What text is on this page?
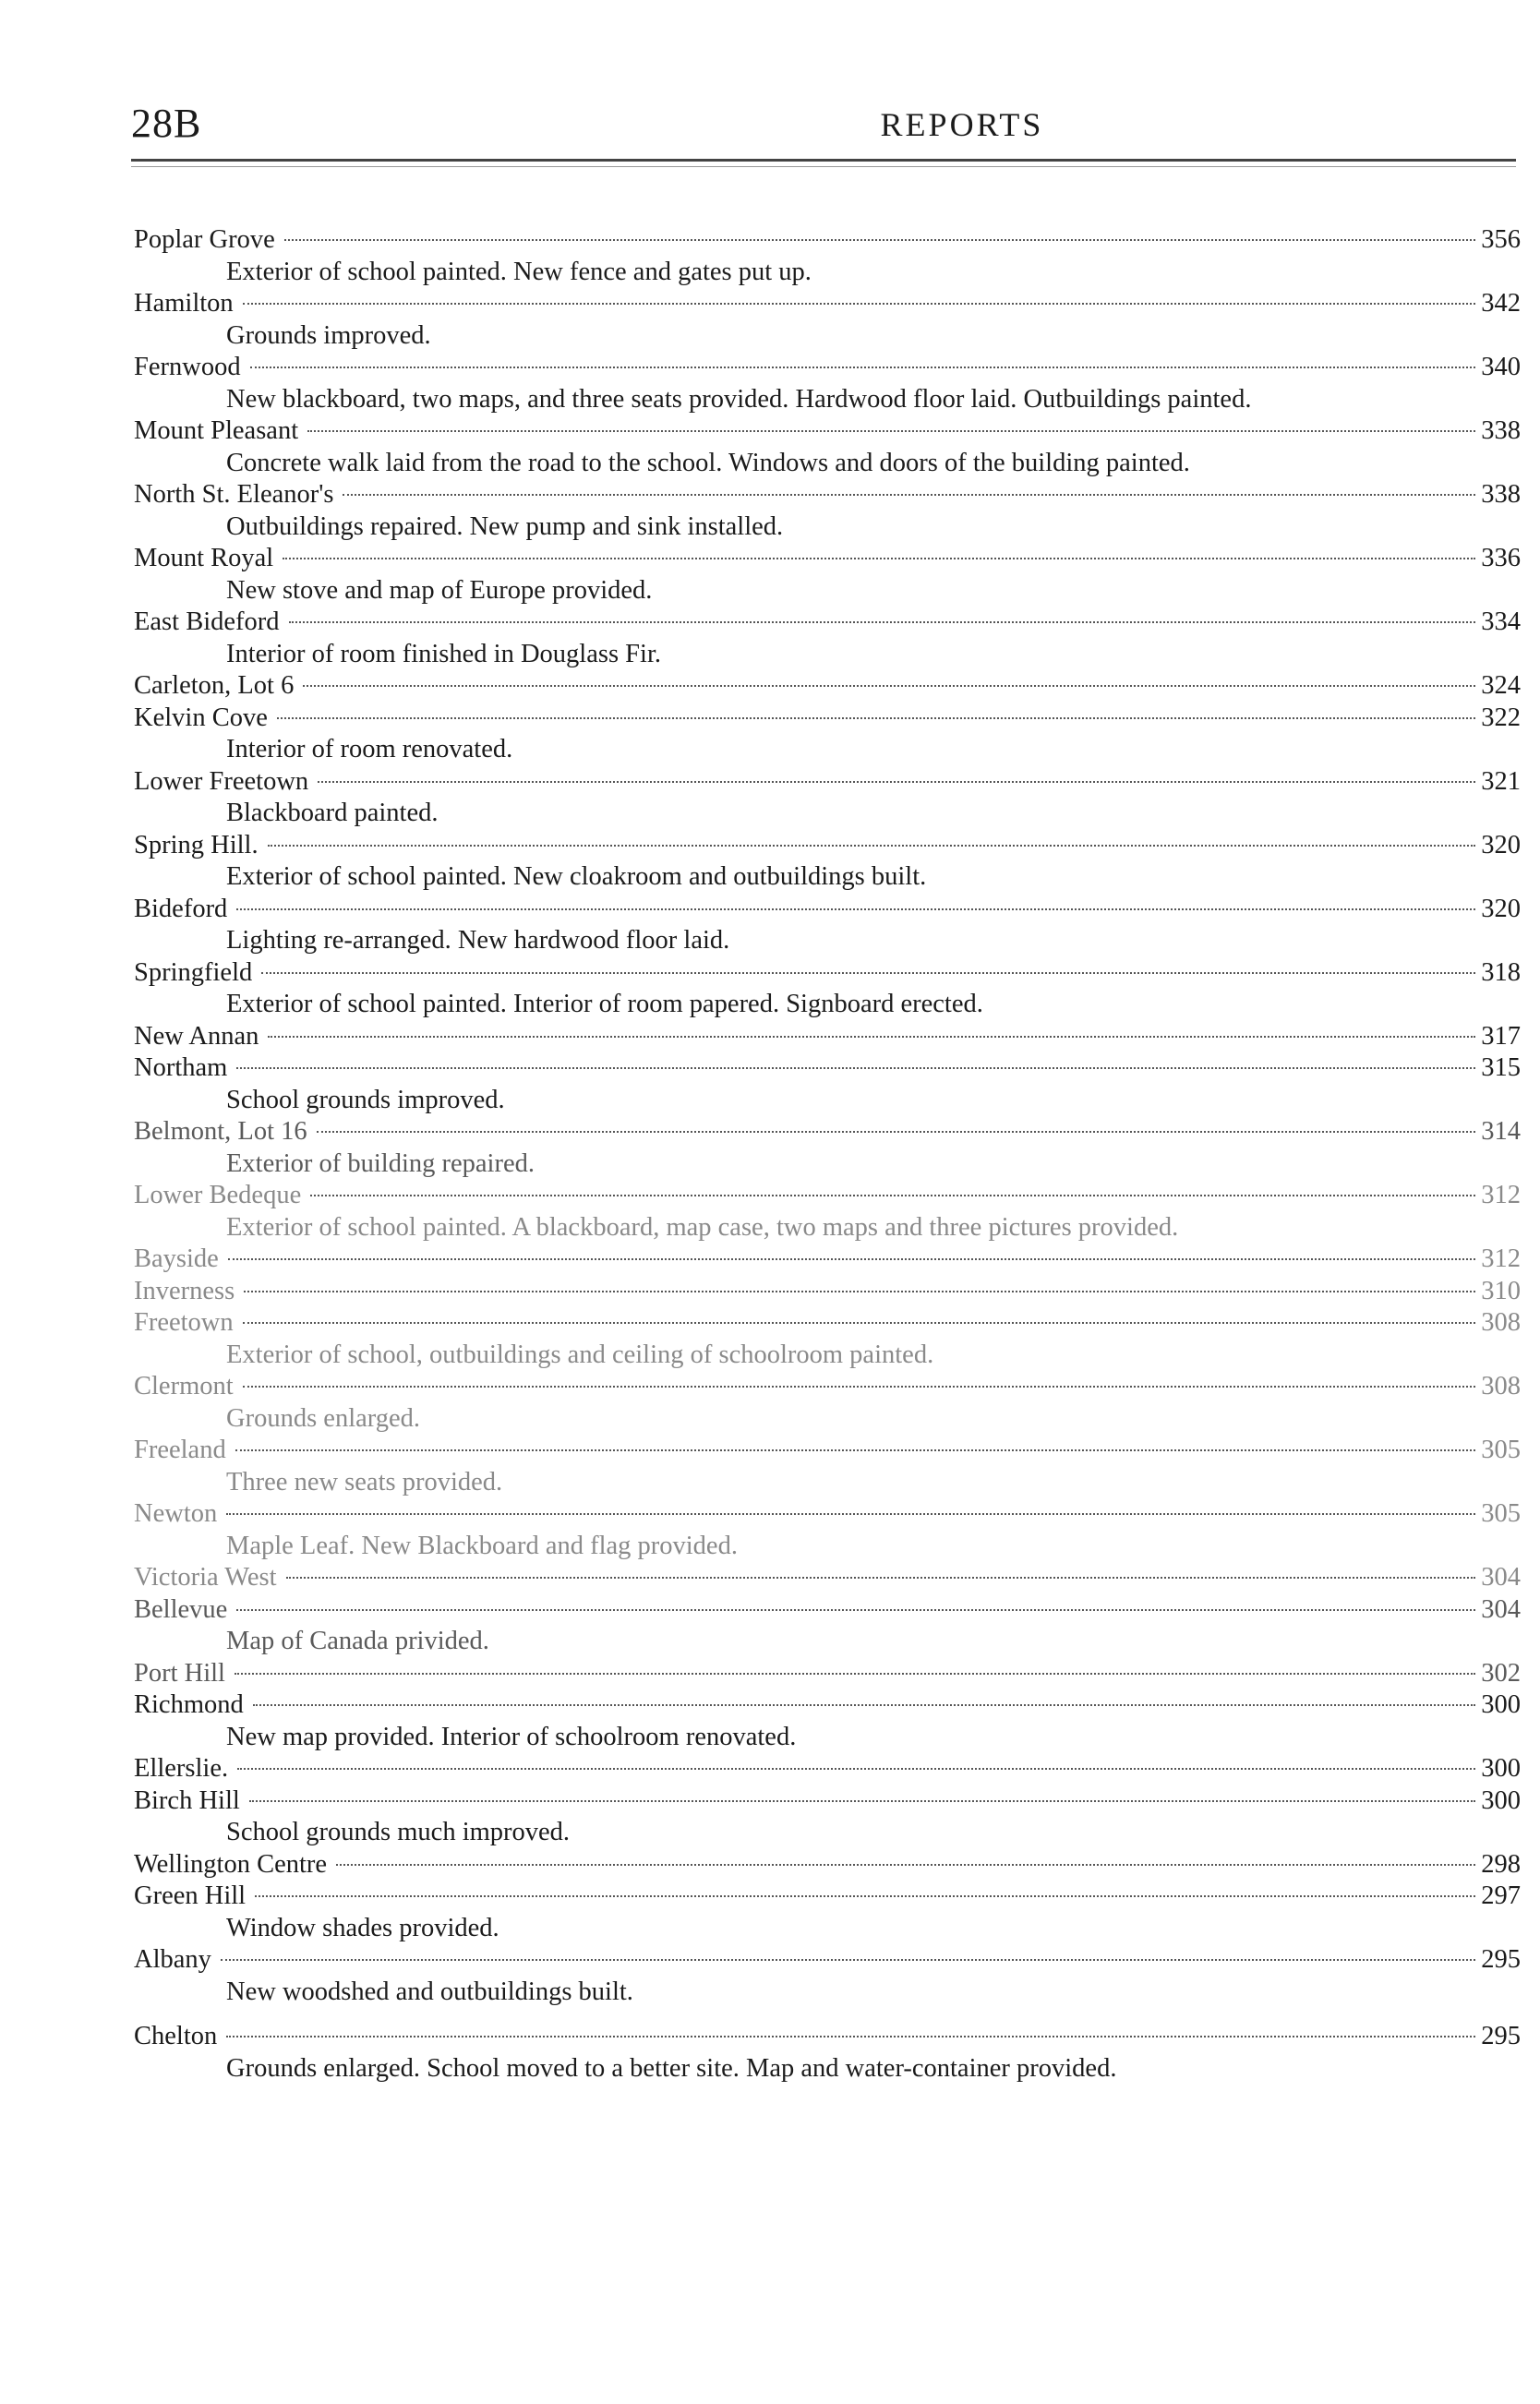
28B	REPORTS
Poplar Grove	356
Exterior of school painted. New fence and gates put up.
Hamilton	342
Grounds improved.
Fernwood	340
New blackboard, two maps, and three seats provided. Hardwood floor laid. Outbuildings painted.
Mount Pleasant	338
Concrete walk laid from the road to the school. Windows and doors of the building painted.
North St. Eleanor's	338
Outbuildings repaired. New pump and sink installed.
Mount Royal	336
New stove and map of Europe provided.
East Bideford	334
Interior of room finished in Douglass Fir.
Carleton, Lot 6	324
Kelvin Cove	322
Interior of room renovated.
Lower Freetown	321
Blackboard painted.
Spring Hill.	320
Exterior of school painted. New cloakroom and outbuildings built.
Bideford	320
Lighting re-arranged. New hardwood floor laid.
Springfield	318
Exterior of school painted. Interior of room papered. Signboard erected.
New Annan	317
Northam	315
School grounds improved.
Belmont, Lot 16	314
Exterior of building repaired.
Lower Bedeque	312
Exterior of school painted. A blackboard, map case, two maps and three pictures provided.
Bayside	312
Inverness	310
Freetown	308
Exterior of school, outbuildings and ceiling of schoolroom painted.
Clermont	308
Grounds enlarged.
Freeland	305
Three new seats provided.
Newton	305
Maple Leaf. New Blackboard and flag provided.
Victoria West	304
Bellevue	304
Map of Canada privided.
Port Hill	302
Richmond	300
New map provided. Interior of schoolroom renovated.
Ellerslie.	300
Birch Hill	300
School grounds much improved.
Wellington Centre	298
Green Hill	297
Window shades provided.
Albany	295
New woodshed and outbuildings built.
Chelton	295
Grounds enlarged. School moved to a better site. Map and water-container provided.
